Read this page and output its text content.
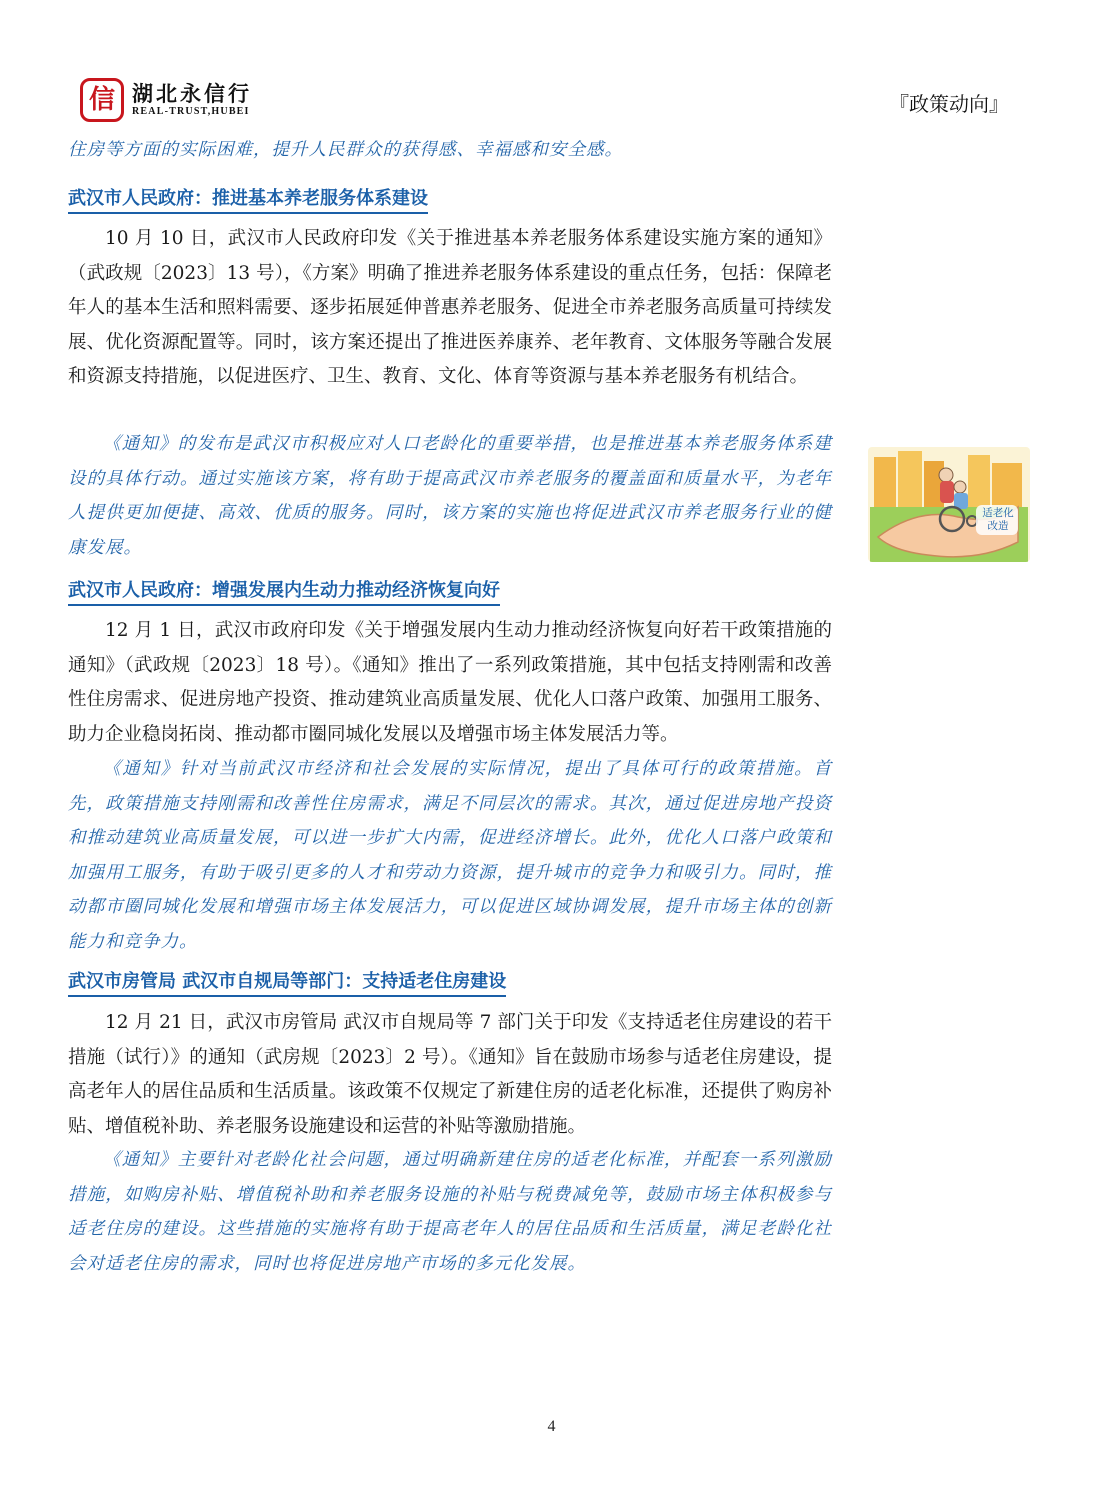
信 湖北永信行
REAL-TRUST,HUBEI	『政策动向』

住房等方面的实际困难，提升人民群众的获得感、幸福感和安全感。

武汉市人民政府：推进基本养老服务体系建设

10 月 10 日，武汉市人民政府印发《关于推进基本养老服务体系建设实施方案的通知》（武政规〔2023〕13 号），《方案》明确了推进养老服务体系建设的重点任务，包括：保障老年人的基本生活和照料需要、逐步拓展延伸普惠养老服务、促进全市养老服务高质量可持续发展、优化资源配置等。同时，该方案还提出了推进医养康养、老年教育、文体服务等融合发展和资源支持措施，以促进医疗、卫生、教育、文化、体育等资源与基本养老服务有机结合。

《通知》的发布是武汉市积极应对人口老龄化的重要举措，也是推进基本养老服务体系建设的具体行动。通过实施该方案，将有助于提高武汉市养老服务的覆盖面和质量水平，为老年人提供更加便捷、高效、优质的服务。同时，该方案的实施也将促进武汉市养老服务行业的健康发展。

适老化改造
武汉市人民政府：增强发展内生动力推动经济恢复向好

12 月 1 日，武汉市政府印发《关于增强发展内生动力推动经济恢复向好若干政策措施的通知》（武政规〔2023〕18 号）。《通知》推出了一系列政策措施，其中包括支持刚需和改善性住房需求、促进房地产投资、推动建筑业高质量发展、优化人口落户政策、加强用工服务、助力企业稳岗拓岗、推动都市圈同城化发展以及增强市场主体发展活力等。

《通知》针对当前武汉市经济和社会发展的实际情况，提出了具体可行的政策措施。首先，政策措施支持刚需和改善性住房需求，满足不同层次的需求。其次，通过促进房地产投资和推动建筑业高质量发展，可以进一步扩大内需，促进经济增长。此外，优化人口落户政策和加强用工服务，有助于吸引更多的人才和劳动力资源，提升城市的竞争力和吸引力。同时，推动都市圈同城化发展和增强市场主体发展活力，可以促进区域协调发展，提升市场主体的创新能力和竞争力。

武汉市房管局 武汉市自规局等部门：支持适老住房建设

12 月 21 日，武汉市房管局 武汉市自规局等 7 部门关于印发《支持适老住房建设的若干措施（试行）》的通知（武房规〔2023〕2 号）。《通知》旨在鼓励市场参与适老住房建设，提高老年人的居住品质和生活质量。该政策不仅规定了新建住房的适老化标准，还提供了购房补贴、增值税补助、养老服务设施建设和运营的补贴等激励措施。

《通知》主要针对老龄化社会问题，通过明确新建住房的适老化标准，并配套一系列激励措施，如购房补贴、增值税补助和养老服务设施的补贴与税费减免等，鼓励市场主体积极参与适老住房的建设。这些措施的实施将有助于提高老年人的居住品质和生活质量，满足老龄化社会对适老住房的需求，同时也将促进房地产市场的多元化发展。

4
